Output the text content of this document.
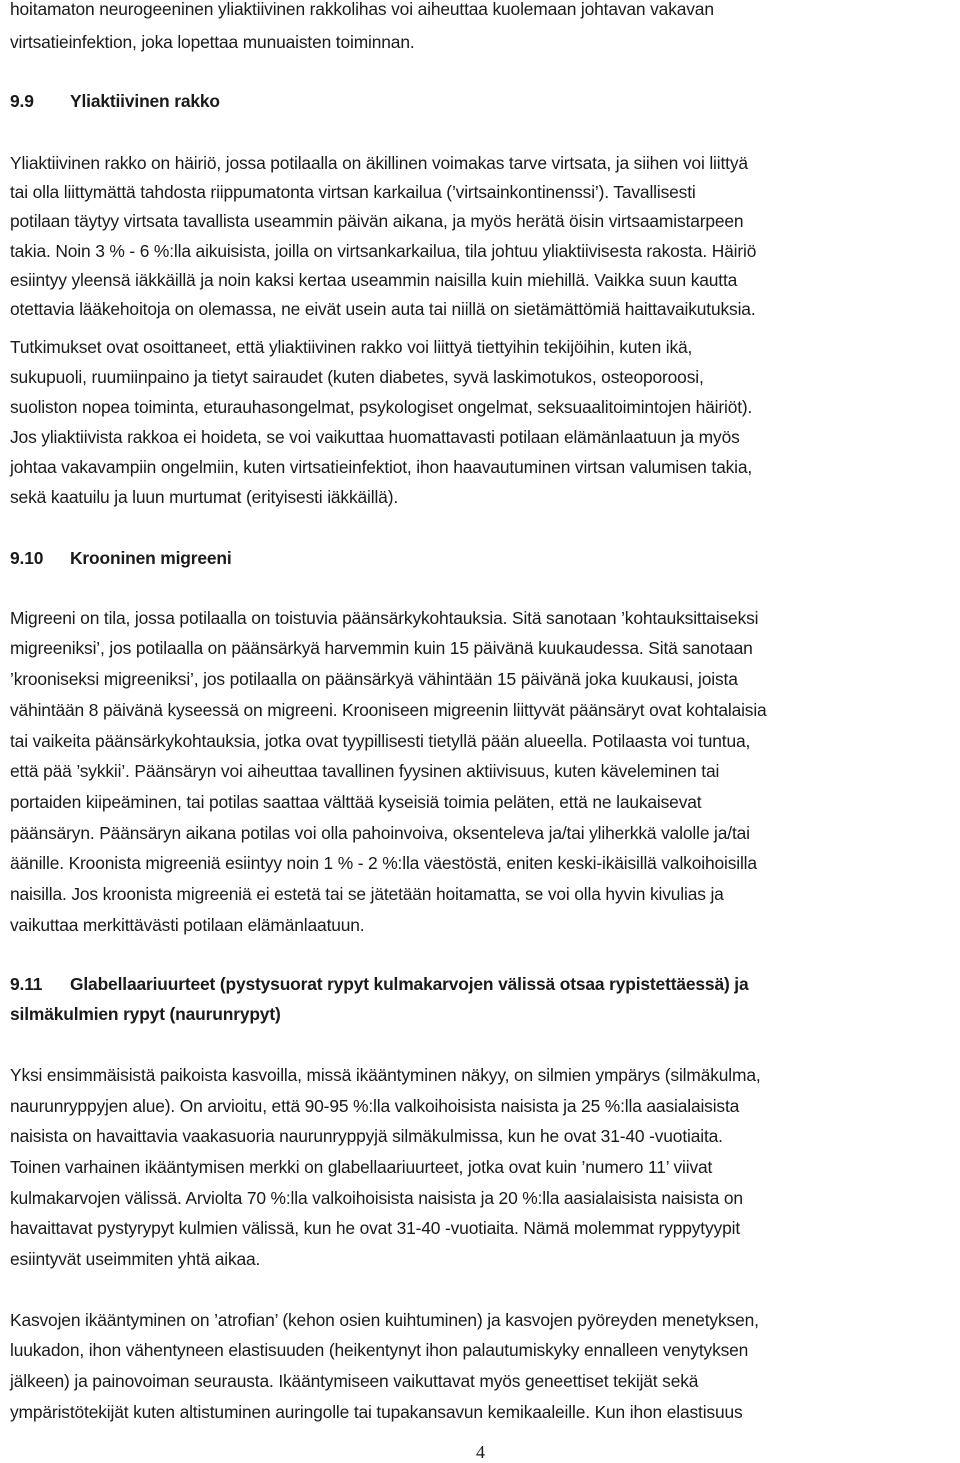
hoitamaton neurogeeninen yliaktiivinen rakkolihas voi aiheuttaa kuolemaan johtavan vakavan
virtsatieinfektion, joka lopettaa munuaisten toiminnan.
9.9 Yliaktiivinen rakko
Yliaktiivinen rakko on häiriö, jossa potilaalla on äkillinen voimakas tarve virtsata, ja siihen voi liittyä
tai olla liittymättä tahdosta riippumatonta virtsan karkailua (’virtsainkontinenssi’). Tavallisesti
potilaan täytyy virtsata tavallista useammin päivän aikana, ja myös herätä öisin virtsaamistarpeen
takia. Noin 3 % - 6 %:lla aikuisista, joilla on virtsankarkailua, tila johtuu yliaktiivisesta rakosta. Häiriö
esiintyy yleensä iäkkäillä ja noin kaksi kertaa useammin naisilla kuin miehillä. Vaikka suun kautta
otettavia lääkehoitoja on olemassa, ne eivät usein auta tai niillä on sietämättömiä haittavaikutuksia.
Tutkimukset ovat osoittaneet, että yliaktiivinen rakko voi liittyä tiettyihin tekijöihin, kuten ikä,
sukupuoli, ruumiinpaino ja tietyt sairaudet (kuten diabetes, syvä laskimotukos, osteoporoosi,
suoliston nopea toiminta, eturauhasongelmat, psykologiset ongelmat, seksuaalitoimintojen häiriöt).
Jos yliaktiivista rakkoa ei hoideta, se voi vaikuttaa huomattavasti potilaan elämänlaatuun ja myös
johtaa vakavampiin ongelmiin, kuten virtsatieinfektiot, ihon haavautuminen virtsan valumisen takia,
sekä kaatuilu ja luun murtumat (erityisesti iäkkäillä).
9.10 Krooninen migreeni
Migreeni on tila, jossa potilaalla on toistuvia päänsärkykohtauksia. Sitä sanotaan ’kohtauksittaiseksi
migreeniksi’, jos potilaalla on päänsärkyä harvemmin kuin 15 päivänä kuukaudessa. Sitä sanotaan
’krooniseksi migreeniksi’, jos potilaalla on päänsärkyä vähintään 15 päivänä joka kuukausi, joista
vähintään 8 päivänä kyseessä on migreeni. Krooniseen migreenin liittyvät päänsäryt ovat kohtalaisia
tai vaikeita päänsärkykohtauksia, jotka ovat tyypillisesti tietyllä pään alueella. Potilaasta voi tuntua,
että pää ’sykkii’. Päänsäryn voi aiheuttaa tavallinen fyysinen aktiivisuus, kuten käveleminen tai
portaiden kiipeäminen, tai potilas saattaa välttää kyseisiä toimia peläten, että ne laukaisevat
päänsäryn. Päänsäryn aikana potilas voi olla pahoinvoiva, oksenteleva ja/tai yliherkkä valolle ja/tai
äänille. Kroonista migreeniä esiintyy noin 1 % - 2 %:lla väestöstä, eniten keski-ikäisillä valkoihoisilla
naisilla. Jos kroonista migreeniä ei estetä tai se jätetään hoitamatta, se voi olla hyvin kivulias ja
vaikuttaa merkittävästi potilaan elämänlaatuun.
9.11 Glabellaariuurteet (pystysuorat rypyt kulmakarvojen välissä otsaa rypistettäessä) ja
silmäkulmien rypyt (naurunrypyt)
Yksi ensimmäisistä paikoista kasvoilla, missä ikääntyminen näkyy, on silmien ympärys (silmäkulma,
naurunryppyjen alue). On arvioitu, että 90-95 %:lla valkoihoisista naisista ja 25 %:lla aasialaisista
naisista on havaittavia vaakasuoria naurunryppyjä silmäkulmissa, kun he ovat 31-40 -vuotiaita.
Toinen varhainen ikääntymisen merkki on glabellaariuurteet, jotka ovat kuin ’numero 11’ viivat
kulmakarvojen välissä. Arviolta 70 %:lla valkoihoisista naisista ja 20 %:lla aasialaisista naisista on
havaittavat pystyrypyt kulmien välissä, kun he ovat 31-40 -vuotiaita. Nämä molemmat ryppytyypit
esiintyvät useimmiten yhtä aikaa.
Kasvojen ikääntyminen on ’atrofian’ (kehon osien kuihtuminen) ja kasvojen pyöreyden menetyksen,
luukadon, ihon vähentyneen elastisuuden (heikentynyt ihon palautumiskyky ennalleen venytyksen
jälkeen) ja painovoiman seurausta. Ikääntymiseen vaikuttavat myös geneettiset tekijät sekä
ympäristötekijät kuten altistuminen auringolle tai tupakansavun kemikaaleille. Kun ihon elastisuus
4
